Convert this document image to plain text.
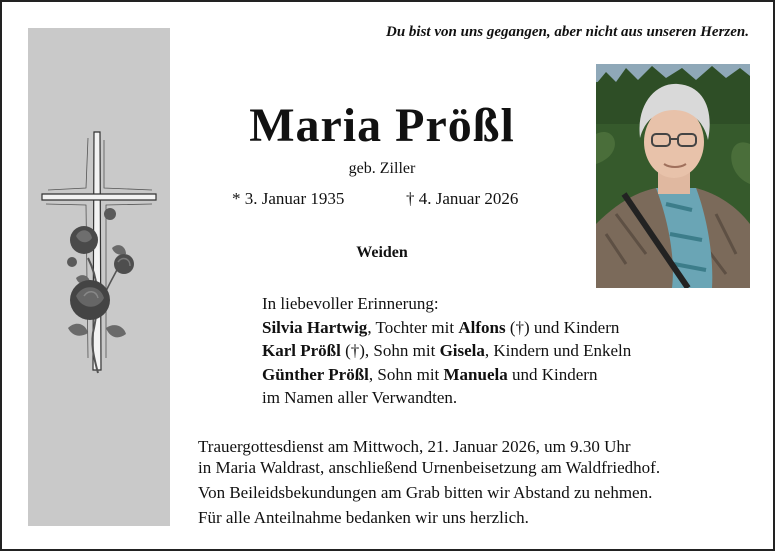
Du bist von uns gegangen, aber nicht aus unseren Herzen.
Maria Prößl
geb. Ziller
* 3. Januar 1935	† 4. Januar 2026
Weiden
In liebevoller Erinnerung:
Silvia Hartwig, Tochter mit Alfons (†) und Kindern
Karl Prößl (†), Sohn mit Gisela, Kindern und Enkeln
Günther Prößl, Sohn mit Manuela und Kindern
im Namen aller Verwandten.
Trauergottesdienst am Mittwoch, 21. Januar 2026, um 9.30 Uhr
in Maria Waldrast, anschließend Urnenbeisetzung am Waldfriedhof.
Von Beileidsbekundungen am Grab bitten wir Abstand zu nehmen.
Für alle Anteilnahme bedanken wir uns herzlich.
